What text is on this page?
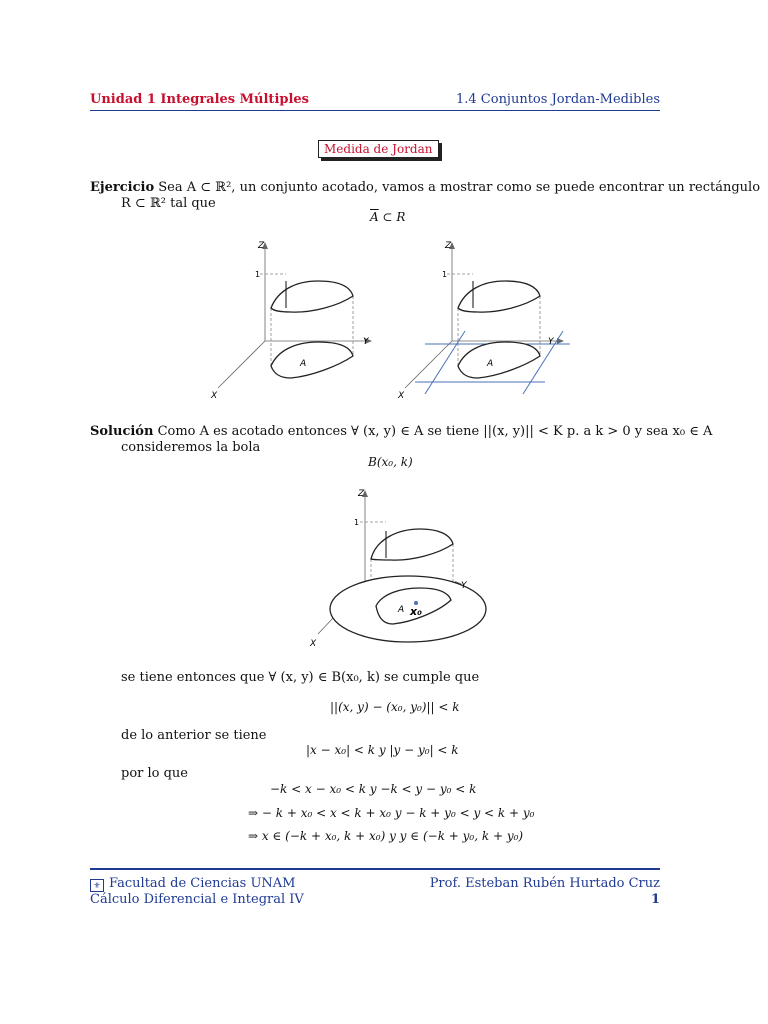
Unidad 1 Integrales Múltiples	1.4 Conjuntos Jordan-Medibles
Medida de Jordan
Ejercicio Sea A ⊂ ℝ², un conjunto acotado, vamos a mostrar como se puede encontrar un rectángulo
R ⊂ ℝ² tal que
$\overline{A}$ ⊂ R
Z
1
Y
X
A
Z
1
Y
X
A
Solución Como A es acotado entonces ∀ (x, y) ∈ A se tiene ||(x, y)|| < K p. a k > 0 y sea x₀ ∈ A
consideremos la bola
B(x₀, k)
Z
1
Y
X
A x₀
se tiene entonces que ∀ (x, y) ∈ B(x₀, k) se cumple que
||(x, y) − (x₀, y₀)|| < k
de lo anterior se tiene
|x − x₀| < k y |y − y₀| < k
por lo que
−k < x − x₀ < k y −k < y − y₀ < k
⇒ − k + x₀ < x < k + x₀ y − k + y₀ < y < k + y₀
⇒ x ∈ (−k + x₀, k + x₀) y y ∈ (−k + y₀, k + y₀)
⚜ Facultad de Ciencias UNAM
Cálculo Diferencial e Integral IV
Prof. Esteban Rubén Hurtado Cruz
1
